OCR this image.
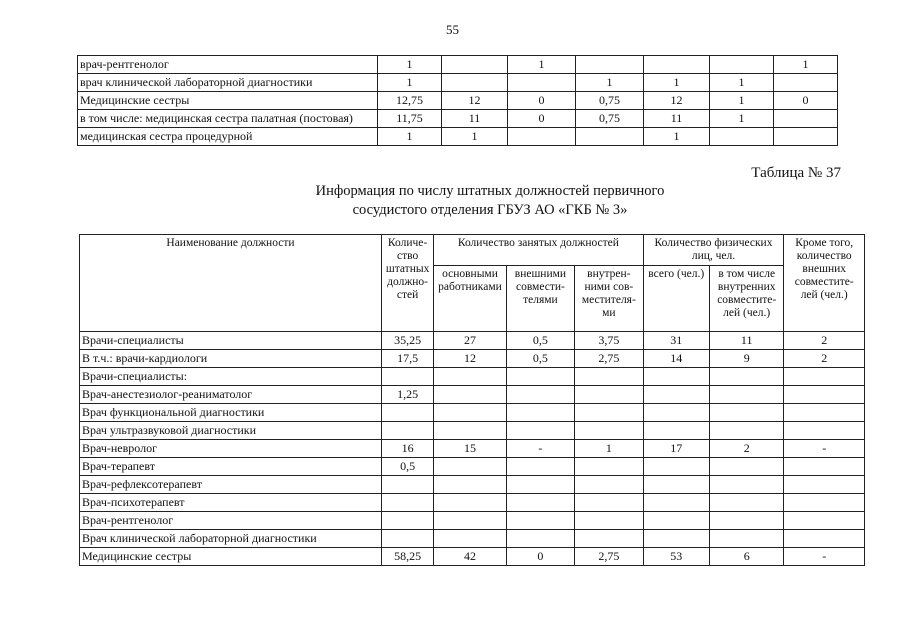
55
врач-рентгенолог	1		1				1
врач клинической лабораторной диагностики	1			1	1	1	
Медицинские сестры	12,75	12	0	0,75	12	1	0
в том числе: медицинская сестра палатная (постовая)	11,75	11	0	0,75	11	1	
медицинская сестра процедурной	1	1			1		
Таблица № 37
Информация по числу штатных должностей первичного
сосудистого отделения ГБУЗ АО «ГКБ № 3»
Наименование должности	Количе- ство штатных должно- стей	Количество занятых должностей			Количество физических лиц, чел.		Кроме того, количество внешних совместите- лей (чел.)
		основными работниками	внешними совмести- телями	внутрен- ними сов- местителя- ми	всего (чел.)	в том числе внутренних совместите- лей (чел.)	
Врачи-специалисты	35,25	27	0,5	3,75	31	11	2
В т.ч.: врачи-кардиологи	17,5	12	0,5	2,75	14	9	2
Врачи-специалисты:							
Врач-анестезиолог-реаниматолог	1,25						
Врач функциональной диагностики							
Врач ультразвуковой диагностики							
Врач-невролог	16	15	-	1	17	2	-
Врач-терапевт	0,5						
Врач-рефлексотерапевт							
Врач-психотерапевт							
Врач-рентгенолог							
Врач клинической лабораторной диагностики							
Медицинские сестры	58,25	42	0	2,75	53	6	-
